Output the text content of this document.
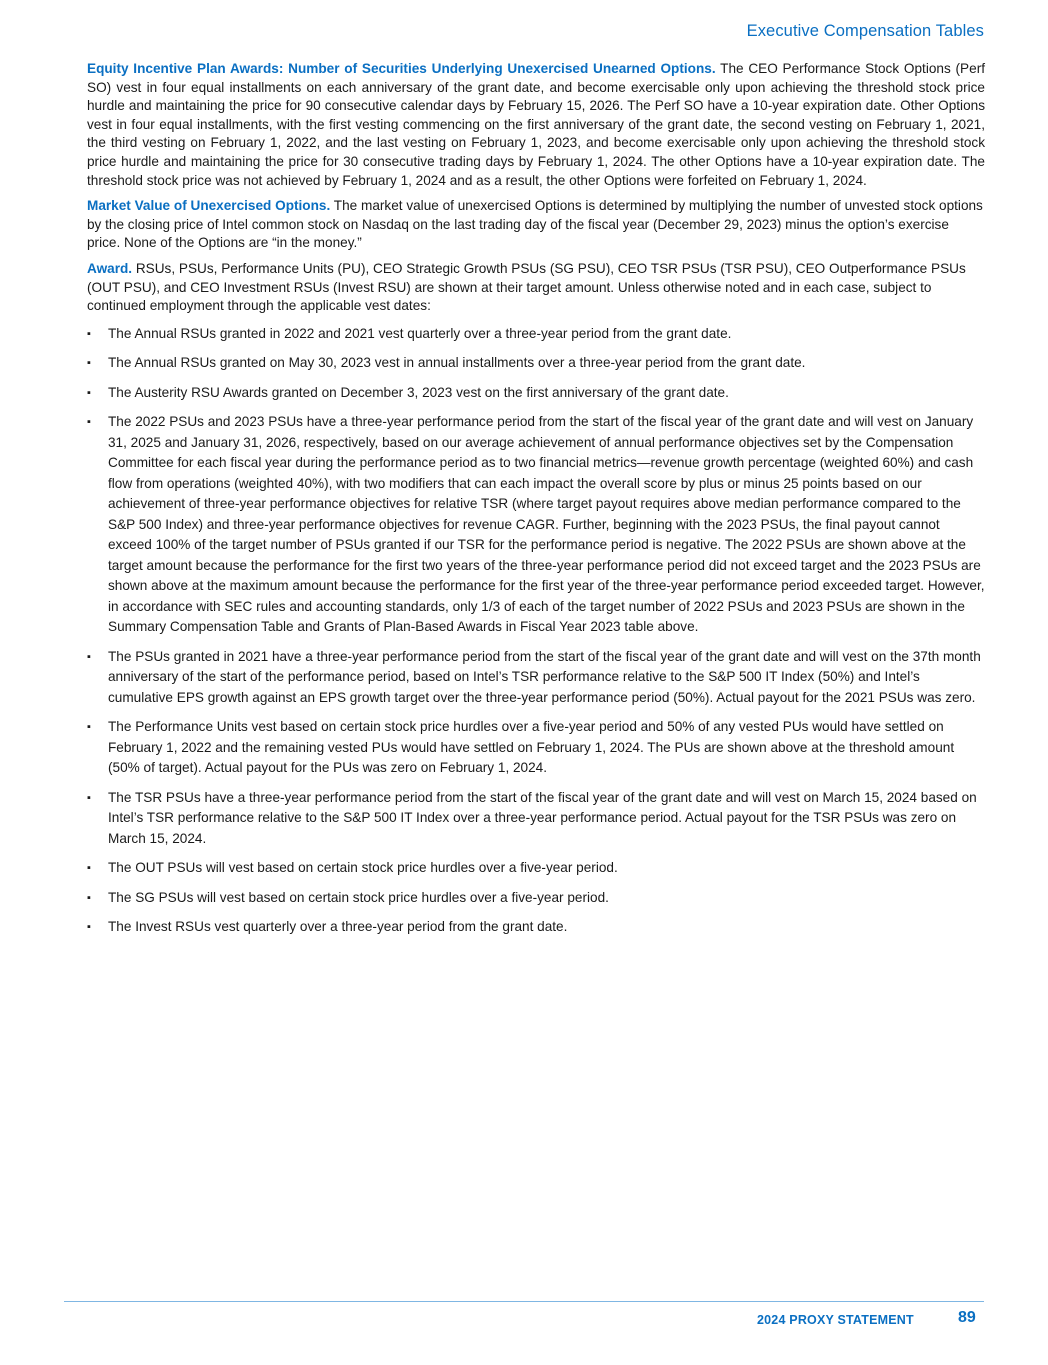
Executive Compensation Tables

Equity Incentive Plan Awards: Number of Securities Underlying Unexercised Unearned Options. The CEO Performance Stock Options (Perf SO) vest in four equal installments on each anniversary of the grant date, and become exercisable only upon achieving the threshold stock price hurdle and maintaining the price for 90 consecutive calendar days by February 15, 2026. The Perf SO have a 10-year expiration date. Other Options vest in four equal installments, with the first vesting commencing on the first anniversary of the grant date, the second vesting on February 1, 2021, the third vesting on February 1, 2022, and the last vesting on February 1, 2023, and become exercisable only upon achieving the threshold stock price hurdle and maintaining the price for 30 consecutive trading days by February 1, 2024. The other Options have a 10-year expiration date. The threshold stock price was not achieved by February 1, 2024 and as a result, the other Options were forfeited on February 1, 2024.

Market Value of Unexercised Options. The market value of unexercised Options is determined by multiplying the number of unvested stock options by the closing price of Intel common stock on Nasdaq on the last trading day of the fiscal year (December 29, 2023) minus the option’s exercise price. None of the Options are “in the money.”

Award. RSUs, PSUs, Performance Units (PU), CEO Strategic Growth PSUs (SG PSU), CEO TSR PSUs (TSR PSU), CEO Outperformance PSUs (OUT PSU), and CEO Investment RSUs (Invest RSU) are shown at their target amount. Unless otherwise noted and in each case, subject to continued employment through the applicable vest dates:

▪ The Annual RSUs granted in 2022 and 2021 vest quarterly over a three-year period from the grant date.
▪ The Annual RSUs granted on May 30, 2023 vest in annual installments over a three-year period from the grant date.
▪ The Austerity RSU Awards granted on December 3, 2023 vest on the first anniversary of the grant date.
▪ The 2022 PSUs and 2023 PSUs have a three-year performance period from the start of the fiscal year of the grant date and will vest on January 31, 2025 and January 31, 2026, respectively, based on our average achievement of annual performance objectives set by the Compensation Committee for each fiscal year during the performance period as to two financial metrics—revenue growth percentage (weighted 60%) and cash flow from operations (weighted 40%), with two modifiers that can each impact the overall score by plus or minus 25 points based on our achievement of three-year performance objectives for relative TSR (where target payout requires above median performance compared to the S&P 500 Index) and three-year performance objectives for revenue CAGR. Further, beginning with the 2023 PSUs, the final payout cannot exceed 100% of the target number of PSUs granted if our TSR for the performance period is negative. The 2022 PSUs are shown above at the target amount because the performance for the first two years of the three-year performance period did not exceed target and the 2023 PSUs are shown above at the maximum amount because the performance for the first year of the three-year performance period exceeded target. However, in accordance with SEC rules and accounting standards, only 1/3 of each of the target number of 2022 PSUs and 2023 PSUs are shown in the Summary Compensation Table and Grants of Plan-Based Awards in Fiscal Year 2023 table above.
▪ The PSUs granted in 2021 have a three-year performance period from the start of the fiscal year of the grant date and will vest on the 37th month anniversary of the start of the performance period, based on Intel’s TSR performance relative to the S&P 500 IT Index (50%) and Intel’s cumulative EPS growth against an EPS growth target over the three-year performance period (50%). Actual payout for the 2021 PSUs was zero.
▪ The Performance Units vest based on certain stock price hurdles over a five-year period and 50% of any vested PUs would have settled on February 1, 2022 and the remaining vested PUs would have settled on February 1, 2024. The PUs are shown above at the threshold amount (50% of target). Actual payout for the PUs was zero on February 1, 2024.
▪ The TSR PSUs have a three-year performance period from the start of the fiscal year of the grant date and will vest on March 15, 2024 based on Intel’s TSR performance relative to the S&P 500 IT Index over a three-year performance period. Actual payout for the TSR PSUs was zero on March 15, 2024.
▪ The OUT PSUs will vest based on certain stock price hurdles over a five-year period.
▪ The SG PSUs will vest based on certain stock price hurdles over a five-year period.
▪ The Invest RSUs vest quarterly over a three-year period from the grant date.
2024 PROXY STATEMENT	89
